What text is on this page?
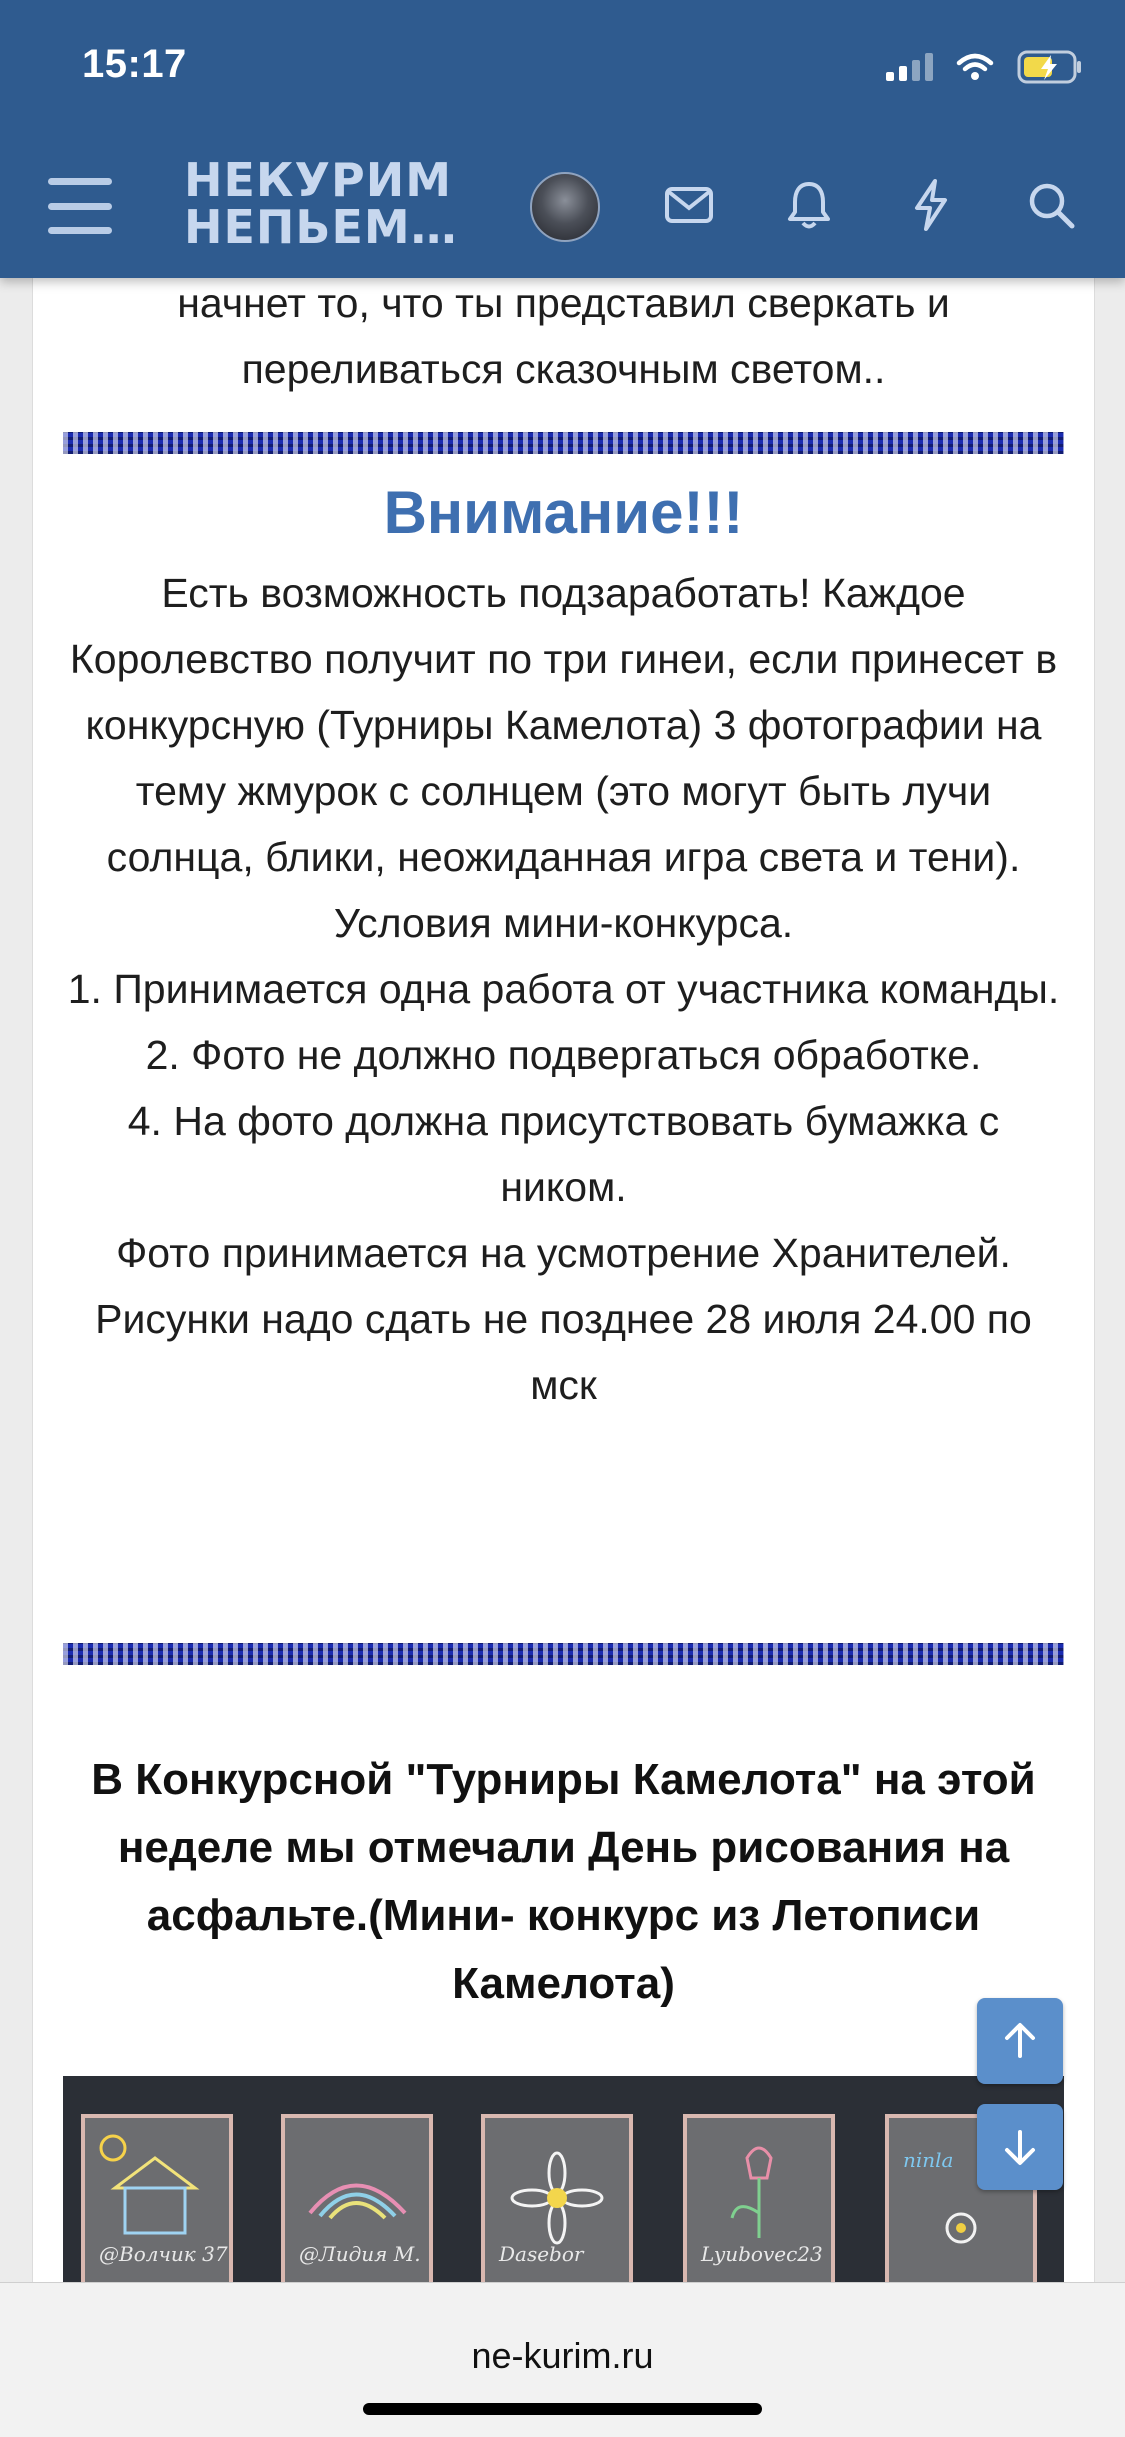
начнет то, что ты представил сверкать и переливаться сказочным светом..
Внимание!!!
Есть возможность подзаработать! Каждое Королевство получит по три гинеи, если принесет в конкурсную (Турниры Камелота) 3 фотографии на тему жмурок с солнцем (это могут быть лучи солнца, блики, неожиданная игра света и тени).
Условия мини-конкурса.
1. Принимается одна работа от участника команды.
2. Фото не должно подвергаться обработке.
4. На фото должна присутствовать бумажка с ником.
Фото принимается на усмотрение Хранителей.
Рисунки надо сдать не позднее 28 июля 24.00 по мск
В Конкурсной "Турниры Камелота" на этой неделе мы отмечали День рисования на асфальте.(Мини- конкурс из Летописи Камелота)
@Волчик 37	@Лидия М.	Dasebor	Lyubovec23
ninla
15:17
НЕКУРИМ
НЕПЬЕМ…
ne-kurim.ru
